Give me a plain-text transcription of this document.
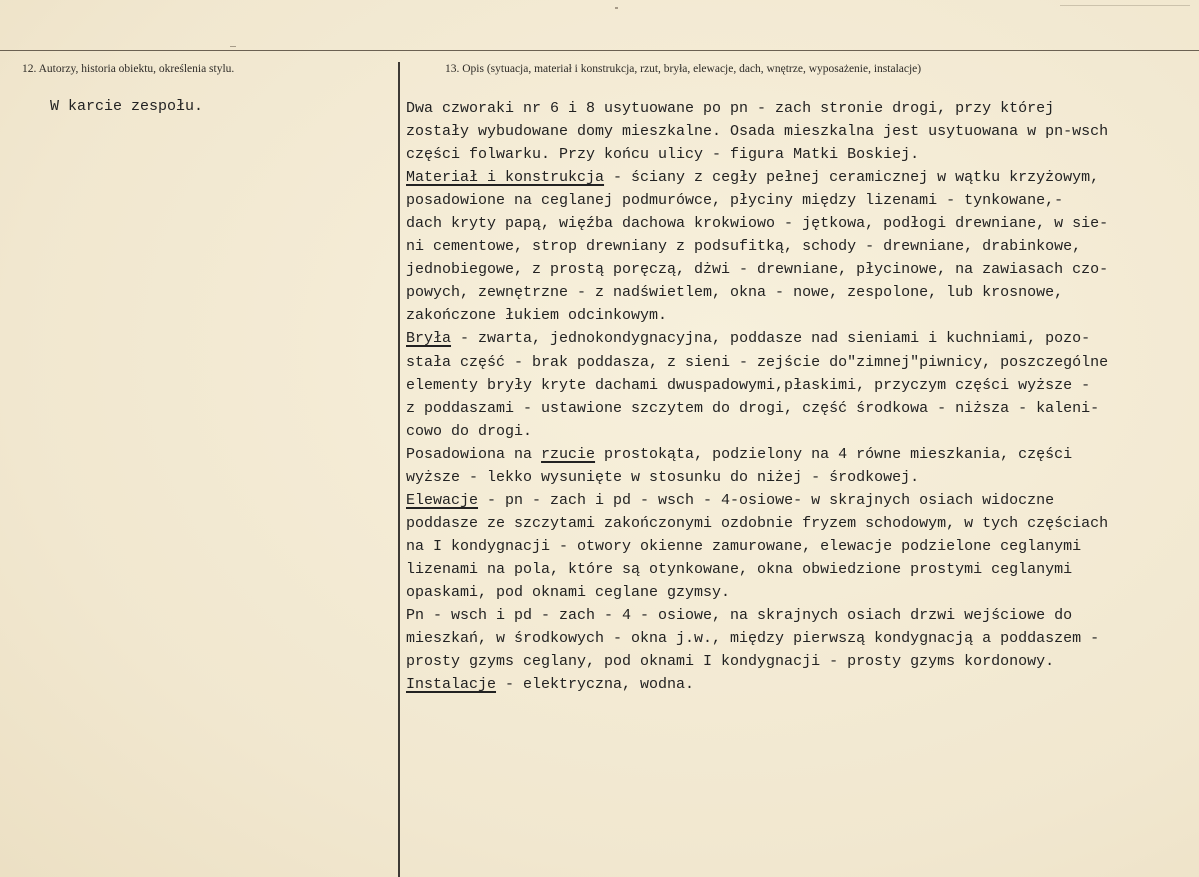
12. Autorzy, historia obiektu, określenia stylu.	13. Opis (sytuacja, materiał i konstrukcja, rzut, bryła, elewacje, dach, wnętrze, wyposażenie, instalacje)
W karcie zespołu.	Dwa czworaki nr 6 i 8 usytuowane po pn - zach stronie drogi, przy której
zostały wybudowane domy mieszkalne. Osada mieszkalna jest usytuowana w pn-wsch
części folwarku. Przy końcu ulicy - figura Matki Boskiej.
Materiał i konstrukcja - ściany z cegły pełnej ceramicznej w wątku krzyżowym,
posadowione na ceglanej podmurówce, płyciny między lizenami - tynkowane,-
dach kryty papą, więźba dachowa krokwiowo - jętkowa, podłogi drewniane, w sie-
ni cementowe, strop drewniany z podsufitką, schody - drewniane, drabinkowe,
jednobiegowe, z prostą poręczą, dżwi - drewniane, płycinowe, na zawiasach czo-
powych, zewnętrzne - z nadświetlem, okna - nowe, zespolone, lub krosnowe,
zakończone łukiem odcinkowym.
Bryła - zwarta, jednokondygnacyjna, poddasze nad sieniami i kuchniami, pozo-
stała część - brak poddasza, z sieni - zejście do"zimnej"piwnicy, poszczególne
elementy bryły kryte dachami dwuspadowymi,płaskimi, przyczym części wyższe -
z poddaszami - ustawione szczytem do drogi, część środkowa - niższa - kaleni-
cowo do drogi.
Posadowiona na rzucie prostokąta, podzielony na 4 równe mieszkania, części
wyższe - lekko wysunięte w stosunku do niżej - środkowej.
Elewacje - pn - zach i pd - wsch - 4-osiowe- w skrajnych osiach widoczne
poddasze ze szczytami zakończonymi ozdobnie fryzem schodowym, w tych częściach
na I kondygnacji - otwory okienne zamurowane, elewacje podzielone ceglanymi
lizenami na pola, które są otynkowane, okna obwiedzione prostymi ceglanymi
opaskami, pod oknami ceglane gzymsy.
Pn - wsch i pd - zach - 4 - osiowe, na skrajnych osiach drzwi wejściowe do
mieszkań, w środkowych - okna j.w., między pierwszą kondygnacją a poddaszem -
prosty gzyms ceglany, pod oknami I kondygnacji - prosty gzyms kordonowy.
Instalacje - elektryczna, wodna.
